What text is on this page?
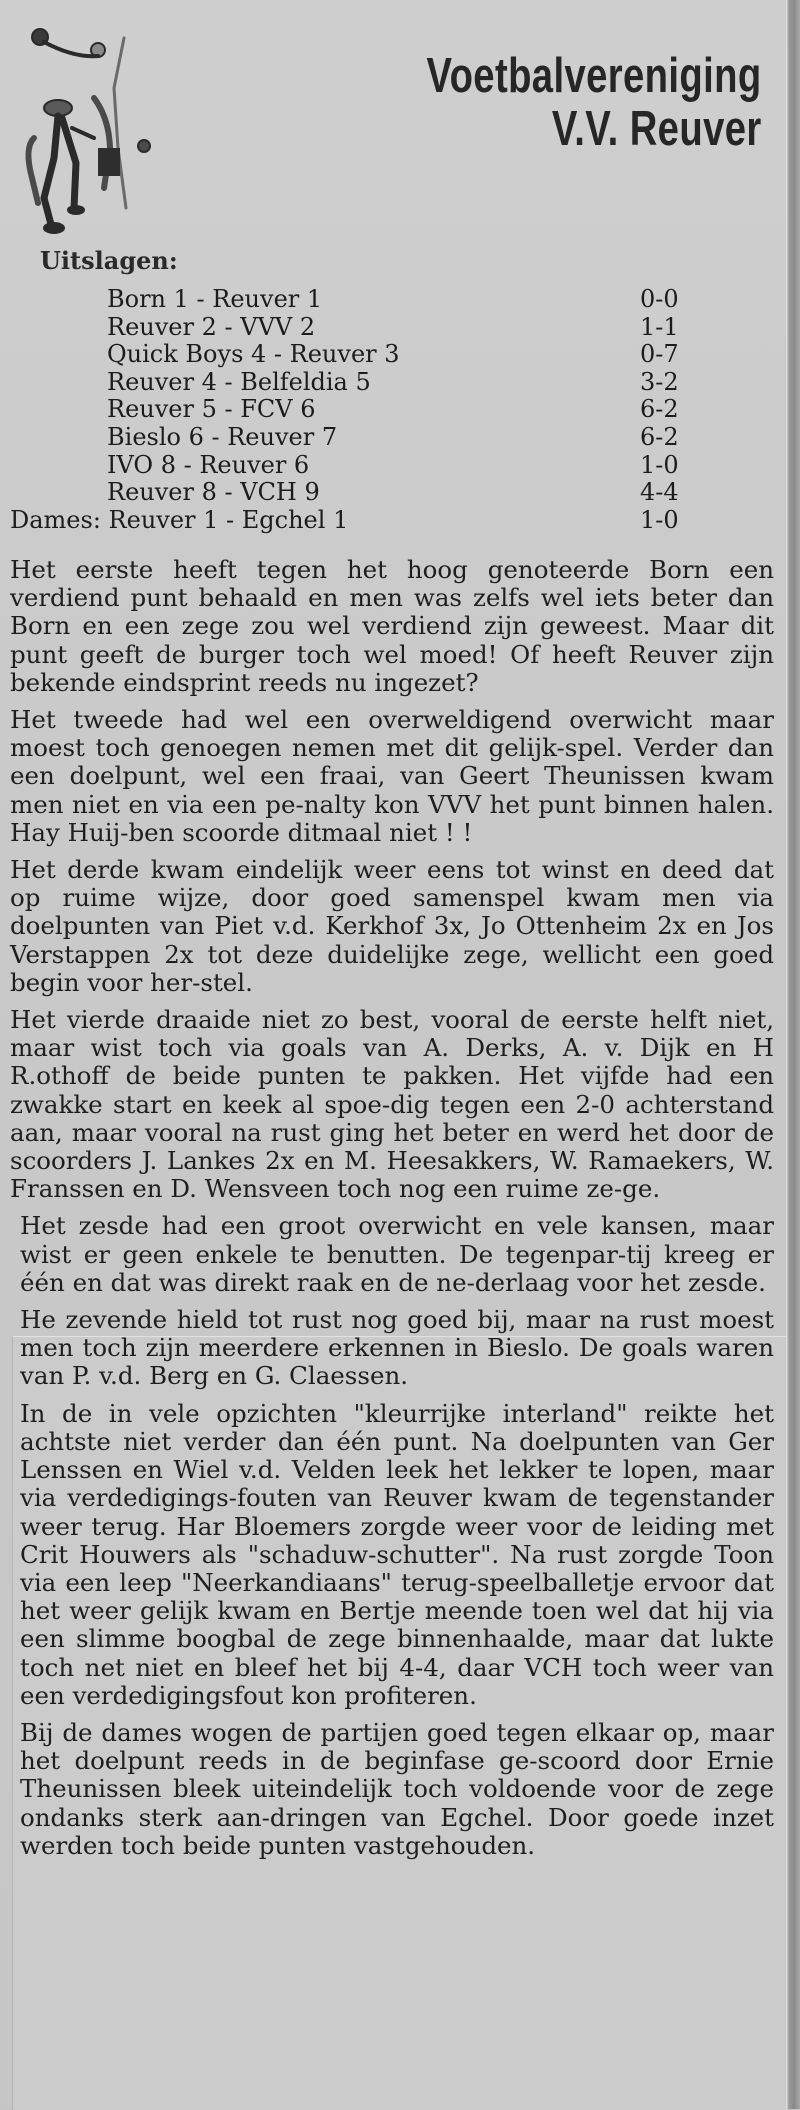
Voetbalvereniging
V.V. Reuver
Uitslagen:
Born 1 - Reuver 1	0-0
Reuver 2 - VVV 2	1-1
Quick Boys 4 - Reuver 3	0-7
Reuver 4 - Belfeldia 5	3-2
Reuver 5 - FCV 6	6-2
Bieslo 6 - Reuver 7	6-2
IVO 8 - Reuver 6	1-0
Reuver 8 - VCH 9	4-4
Dames: Reuver 1 - Egchel 1	1-0

Het eerste heeft tegen het hoog genoteerde Born een verdiend punt behaald en men was zelfs wel iets beter dan Born en een zege zou wel verdiend zijn geweest. Maar dit punt geeft de burger toch wel moed! Of heeft Reuver zijn bekende eindsprint reeds nu ingezet?

Het tweede had wel een overweldigend overwicht maar moest toch genoegen nemen met dit gelijk-spel. Verder dan een doelpunt, wel een fraai, van Geert Theunissen kwam men niet en via een pe-nalty kon VVV het punt binnen halen. Hay Huij-ben scoorde ditmaal niet ! !

Het derde kwam eindelijk weer eens tot winst en deed dat op ruime wijze, door goed samenspel kwam men via doelpunten van Piet v.d. Kerkhof 3x, Jo Ottenheim 2x en Jos Verstappen 2x tot deze duidelijke zege, wellicht een goed begin voor her-stel.

Het vierde draaide niet zo best, vooral de eerste helft niet, maar wist toch via goals van A. Derks, A. v. Dijk en H R.othoff de beide punten te pakken. Het vijfde had een zwakke start en keek al spoe-dig tegen een 2-0 achterstand aan, maar vooral na rust ging het beter en werd het door de scoorders J. Lankes 2x en M. Heesakkers, W. Ramaekers, W. Franssen en D. Wensveen toch nog een ruime ze-ge.

Het zesde had een groot overwicht en vele kansen, maar wist er geen enkele te benutten. De tegenpar-tij kreeg er één en dat was direkt raak en de ne-derlaag voor het zesde.

He zevende hield tot rust nog goed bij, maar na rust moest men toch zijn meerdere erkennen in Bieslo. De goals waren van P. v.d. Berg en G. Claessen.

In de in vele opzichten "kleurrijke interland" reikte het achtste niet verder dan één punt. Na doelpunten van Ger Lenssen en Wiel v.d. Velden leek het lekker te lopen, maar via verdedigings-fouten van Reuver kwam de tegenstander weer terug. Har Bloemers zorgde weer voor de leiding met Crit Houwers als "schaduw-schutter". Na rust zorgde Toon via een leep "Neerkandiaans" terug-speelballetje ervoor dat het weer gelijk kwam en Bertje meende toen wel dat hij via een slimme boogbal de zege binnenhaalde, maar dat lukte toch net niet en bleef het bij 4-4, daar VCH toch weer van een verdedigingsfout kon profiteren.

Bij de dames wogen de partijen goed tegen elkaar op, maar het doelpunt reeds in de beginfase ge-scoord door Ernie Theunissen bleek uiteindelijk toch voldoende voor de zege ondanks sterk aan-dringen van Egchel. Door goede inzet werden toch beide punten vastgehouden.
